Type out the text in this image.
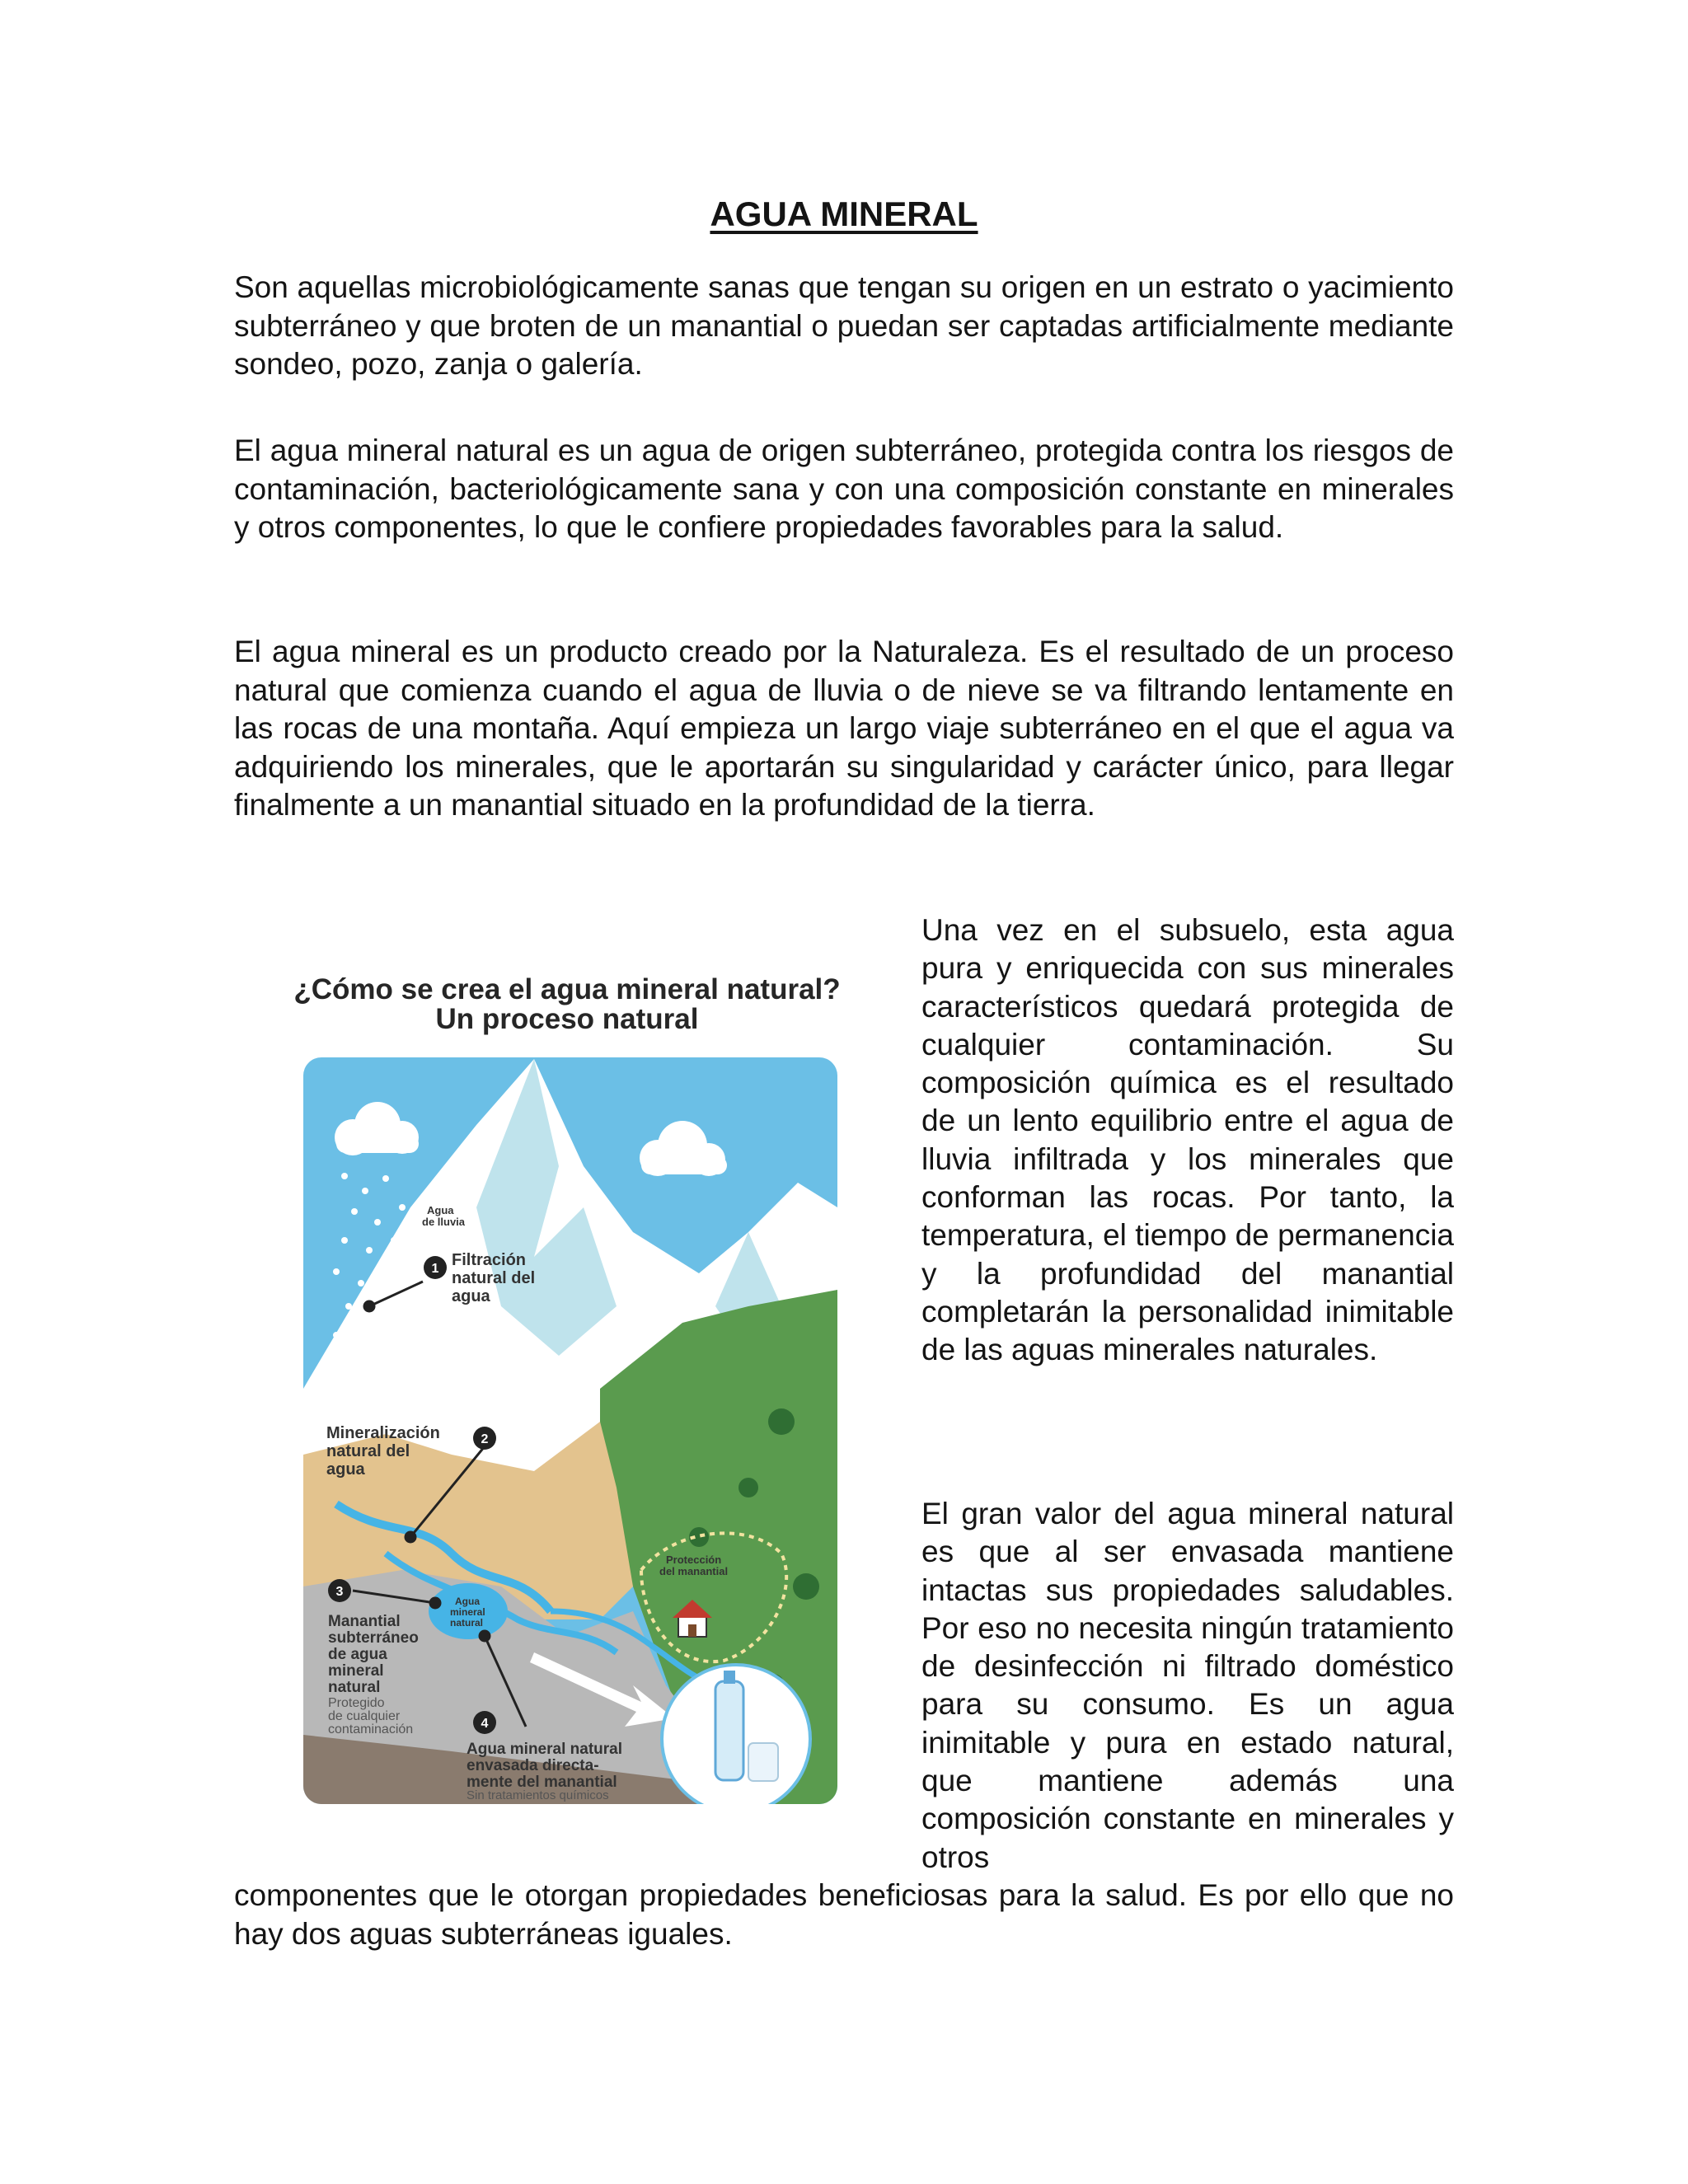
AGUA MINERAL

Son aquellas microbiológicamente sanas que tengan su origen en un estrato o yacimiento subterráneo y que broten de un manantial o puedan ser captadas artificialmente mediante sondeo, pozo, zanja o galería.

El agua mineral natural es un agua de origen subterráneo, protegida contra los riesgos de contaminación, bacteriológicamente sana y con una composición constante en minerales y otros componentes, lo que le confiere propiedades favorables para la salud.

El agua mineral es un producto creado por la Naturaleza. Es el resultado de un proceso natural que comienza cuando el agua de lluvia o de nieve se va filtrando lentamente en las rocas de una montaña. Aquí empieza un largo viaje subterráneo en el que el agua va adquiriendo los minerales, que le aportarán su singularidad y carácter único, para llegar finalmente a un manantial situado en la profundidad de la tierra.

¿Cómo se crea el agua mineral natural?
Un proceso natural
Agua
de lluvia
1 Filtración
natural del
agua
2
Mineralización
natural del
agua
Agua
mineral
natural
Protección
del manantial
3
Manantial
subterráneo
de agua
mineral
natural
Protegido
de cualquier
contaminación	4
Agua mineral natural
envasada directa-
mente del manantial
Sin tratamientos químicos

Una vez en el subsuelo, esta agua pura y enriquecida con sus minerales característicos quedará protegida de cualquier contaminación. Su composición química es el resultado de un lento equilibrio entre el agua de lluvia infiltrada y los minerales que conforman las rocas. Por tanto, la temperatura, el tiempo de permanencia y la profundidad del manantial completarán la personalidad inimitable de las aguas minerales naturales.

El gran valor del agua mineral natural es que al ser envasada mantiene intactas sus propiedades saludables. Por eso no necesita ningún tratamiento de desinfección ni filtrado doméstico para su consumo. Es un agua inimitable y pura en estado natural, que mantiene además una composición constante en minerales y otros

componentes que le otorgan propiedades beneficiosas para la salud. Es por ello que no hay dos aguas subterráneas iguales.
